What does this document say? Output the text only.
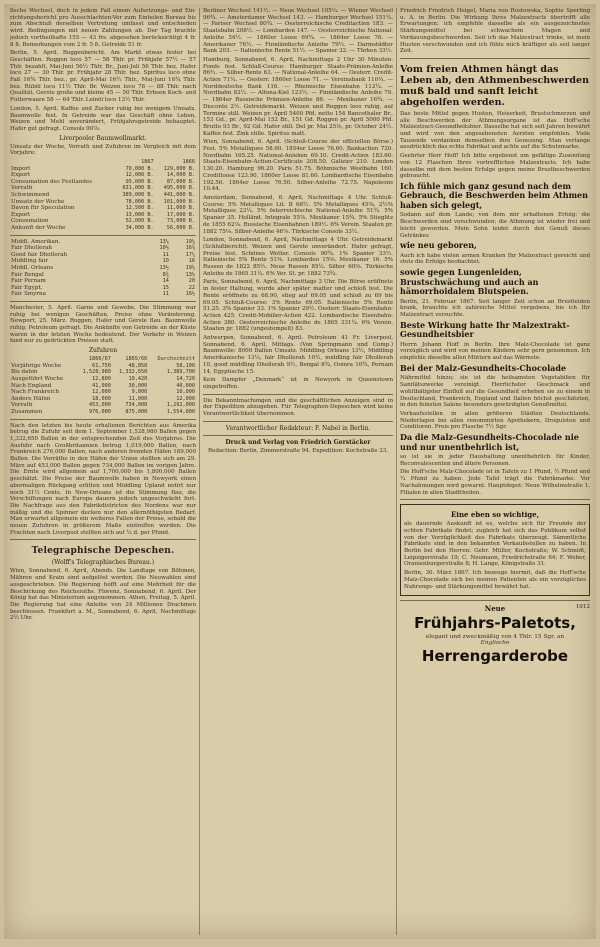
fische Wechsel, doch in jedem Fall einem Aufsetzungs- und Ein- richtungsbericht pro Ausschlachten-Ver zum Einholen Bureau bis zum Abschluß derselben Vertretung umfasst und entschieden wird. Bedingungen mit neuen Zahlungen ab. Der Tag brachte jedoch vortheilhafte 155 — 43 frs. abgesehen berücksichtigt 4 fr. 8 ß. Bemerkungen vom 2 fr. 5 ß. Getreide 51 fr.

Berlin, 5. April. Roggenbericht. Am Markt etwas fester bei Geschäften. Roggen loco 57 — 58 Thlr. pr. Frühjahr 57½ — 57 Thlr. bezahlt, Mai-Juni 56½ Thlr. Br., Juni-Juli 56 Thlr. bez. Hafer loco 27 — 30 Thlr. pr. Frühjahr 28 Thlr. bez. Spiritus loco ohne Faß 16¾ Thlr. bez., pr. April-Mai 16½ Thlr., Mai-Juni 16¾ Thlr. bez. Rüböl loco 11½ Thlr. Br. Weizen loco 78 — 88 Thlr. nach Qualität. Gerste große und kleine 45 — 50 Thlr. Erbsen Koch- und Futterwaare 58 — 64 Thlr. Leinöl loco 13½ Thlr.

London, 5. April. Kaffee und Zucker ruhig bei wenigem Umsatz. Baumwolle fest. In Getreide war das Geschäft ohne Leben, Weizen und Mehl unverändert, Frühjahrsgetreide behauptet. Hafer gut gefragt. Consols 90⅞.

Liverpooler Baumwollmarkt.

Umsatz der Woche, Vorrath und Zufuhren im Vergleich mit dem Vorjahre:

	1867	1866
Import	70,000 B.	129,000 B.
Export	12,000 B.	14,000 B.
Consumation des Festlandes	93,000 B.	87,000 B.
Vorrath	631,000 B.	495,000 B.
Schwimmend	389,000 B.	441,000 B.
Umsatz der Woche	78,000 B.	101,000 B.
Davon für Speculation	12,500 B.	11,060 B.
Export	13,000 B.	17,000 B.
Consumation	52,000 B.	73,000 B.
Ankunft der Woche	34,000 B.	56,000 B.
Middl. Amerikan.	13¼	19¼
Fair Dhollerah	10½	16¾
Good fair Dhollerah	11	17¼
Middling fair	10	16
Middl. Orleans	13½	19½
Fair Bengal	8¾	13½
Fair Pernam	14	20
Fair Egypt.	15	22
Fair Smyrna	11	16½

Manchester, 5. April. Garne und Gewebe. Die Stimmung war ruhig bei wenigen Geschäften, Preise ohne Veränderung. Newport, 25. März. Roggen, Hafer und Gerste flau. Baumwolle ruhig. Petroleum gefragt. Die Ankünfte von Getreide an der Küste waren in der letzten Woche bedeutend. Der Verkehr in Weizen fand nur zu gedrückten Preisen statt.

Zufuhren
	1866/67	1865/66	Durchschnitt
Vorjährige Woche	61,750	48,850	58,100
Bis dahin	1,528,980	1,332,650	1,389,700
Ausgeführt Woche	12,800	19,420	14,720
Nach England	41,000	30,000	40,000
Nach Frankreich	12,000	9,000	10,000
Andere Häfen	18,000	11,000	12,000
Vorrath	453,000	734,000	1,292,000
Zusammen	976,000	875,000	1,554,000

Nach den letzten bis heute erhaltenen Berichten aus Amerika betrug die Zufuhr seit dem 1. September 1,528,980 Ballen gegen 1,332,650 Ballen in der entsprechenden Zeit des Vorjahres. Die Ausfuhr nach Großbritannien betrug 1,019,000 Ballen, nach Frankreich 276,000 Ballen, nach anderen fremden Häfen 189,000 Ballen. Die Vorräthe in den Häfen der Union stellten sich am 29. März auf 453,000 Ballen gegen 734,000 Ballen im vorigen Jahre. Die Ernte wird allgemein auf 1,700,000 bis 1,800,000 Ballen geschätzt. Die Preise der Baumwolle haben in Newyork einen abermaligen Rückgang erlitten und Middling Upland notirt nur noch 31½ Cents. In New-Orleans ist die Stimmung flau, die Verschiffungen nach Europa dauern jedoch ungeschwächt fort. Die Nachfrage aus den Fabrikdistricten des Nordens war nur mäßig und die Spinner decken nur den allernöthigsten Bedarf. Man erwartet allgemein ein weiteres Fallen der Preise, sobald die neuen Zufuhren in größerem Maße eintreffen werden. Die Frachten nach Liverpool stellten sich auf ¼ d. per Pfund.

Telegraphische Depeschen.
(Wolff's Telegraphisches Bureau.)

Wien, Sonnabend, 6. April, Abends. Die Landtage von Böhmen, Mähren und Krain sind aufgelöst worden. Die Neuwahlen sind ausgeschrieben. Die Regierung hofft auf eine Mehrheit für die Beschickung des Reichsraths. Florenz, Sonnabend, 6. April. Der König hat das Ministerium angenommen. Athen, Freitag, 5. April. Die Regierung hat eine Anleihe von 24 Millionen Drachmen beschlossen. Frankfurt a. M., Sonnabend, 6. April, Nachmittags 2½ Uhr.

Berliner Wechsel 141½. — Neue Wechsel 105¼. — Wiener Wechsel 96¾. — Amsterdamer Wechsel 143. — Hamburger Wechsel 151¼. — Pariser Wechsel 80¾. — Oesterreichische Creditactien 183. — Staatsbahn 208½. — Lombarden 147. — Oesterreichische National-Anleihe 54½. — 1860er Loose 69¾. — 1864er Loose 76. — Amerikaner 76½. — Finnländische Anleihe 79½. — Darmstädter Bank 203. — Italienische Rente 51½. — Spanier 32. — Türken 33½.

Hamburg, Sonnabend, 6. April, Nachmittags 2 Uhr 30 Minuten. Fonds fest. Schluß-Course: Hamburger Staats-Prämien-Anleihe 86½. — Silber-Rente 63. — National-Anleihe 64. — Oesterr. Credit-Actien 71¼. — Oesterr. 1860er Loose 71. — Vereinsbank 110¼. — Norddeutsche Bank 116. — Rheinische Eisenbahn 112¼. — Nordbahn 82½. — Altona-Kiel 123½. — Finnländische Anleihe 79. — 1864er Russische Prämien-Anleihe 86. — Mexikaner 16¾. — Disconto 2½. Getreidemarkt. Weizen und Roggen loco ruhig, auf Termine still. Weizen pr. April 5400 Pfd. netto 154 Bancothaler Br., 153 Gd., pr. April-Mai 152 Br., 151 Gd. Roggen pr. April 5000 Pfd. Brutto 93 Br., 92 Gd. Hafer still. Del pr. Mai 25⅛, pr. October 24½. Kaffee fest. Zink stille. Spiritus matt.

Wien, Sonnabend, 6. April. (Schluß-Course der officiellen Börse.) Fest. 5% Metalliques 58.60. 1854er Loose 76.60. Bankactien 720. Nordbahn 165.25. National-Anlehen 69.10. Credit-Actien 183.60. Staats-Eisenbahn-Actien-Certificate 208.50. Galizier 210. London 130.20. Hamburg 96.20. Paris 51.75. Böhmische Westbahn 160. Creditloose 123.90. 1860er Loose 81.60. Lombardische Eisenbahn 192.50. 1864er Loose 76.50. Silber-Anleihe 72.75. Napoleons 10.44.

Amsterdam, Sonnabend, 6. April, Nachmittags 4 Uhr. Schluß-Course: 5% Metalliques Lit. B 68½. 5% Metalliques 45⅝. 2½% Metalliques 23¼. 5% österreichische National-Anleihe 51¾. 5% Spanier 35. Holländ. Integrale 55⅞. Mexikaner 15¾. 5% Stieglitz de 1855 62⅞. Russische Eisenbahnen 189½. 6% Verein. Staaten pr. 1882 75⅛. Silber-Anleihe 46⅞. Türkische Consols 33½.

London, Sonnabend, 6. April, Nachmittags 4 Uhr. Getreidemarkt (Schlußbericht). Weizen und Gerste unverändert. Hafer gefragt, Preise fest. Schönes Wetter. Consols 90¾. 1% Spanier 33½. Italienische 5% Rente 51⅝. Lombarden 15⅝. Mexikaner 16. 5% Russen de 1822 85½. Neue Russen 85¼. Silber 60⅝. Türkische Anleihe de 1865 31¼. 6% Ver. St. pr. 1882 73¾.

Paris, Sonnabend, 6. April, Nachmittags 3 Uhr. Die Börse eröffnete in fester Haltung, wurde aber später matter und schloß fest. Die Rente eröffnete zu 68.90, stieg auf 69.05 und schloß zu 69 bis 69.05. Schluß-Course: 3% Rente 69.05. Italienische 5% Rente 51.25. 3% Spanier 33. 1% Spanier 29½. Oesterr. Staats-Eisenbahn-Actien 425. Credit-Mobilier-Actien 422. Lombardische Eisenbahn-Actien 380. Oesterreichische Anleihe de 1865 331¼. 6% Verein. Staaten pr. 1882 (ungestempelt) 83.

Antwerpen, Sonnabend, 6. April. Petroleum 41 Fr. Liverpool, Sonnabend, 6. April, Mittags. (Von Springmann und Comp.) Baumwolle: 8000 Ballen Umsatz. Middling Orleans 13½, Middling Amerikanische 13¼, fair Dhollerah 10½, middling fair Dhollerah 10, good middling Dhollerah 9½, Bengal 8¾, Oomra 10¾, Pernam 14, Egyptische 15.

Kein Dampfer „Denmark“ ist in Newyork in Queenstown eingetroffen.

Die Bekanntmachungen und die geschäftlichen Anzeigen sind in der Expedition abzugeben. Für Telegraphen-Depeschen wird keine Verantwortlichkeit übernommen.

Verantwortlicher Redakteur: F. Nabel in Berlin.
Druck und Verlag von Friedrich Gerstäcker

Redaction: Berlin, Zimmerstraße 94. Expedition: Kochstraße 23.

Friedrich Friedrich Heigel, Maria von Rostowska, Sophie Sperling u. A. in Berlin. Die Wirkung Ihres Malzextracts übertrifft alle Erwartungen; ich empfehle dasselbe als ein ausgezeichnetes Stärkungsmittel bei schwachem Magen und Verdauungsbeschwerden. Seit ich das Malzextract trinke, ist mein Husten verschwunden und ich fühle mich kräftiger als seit langer Zeit.

Vom freien Athmen hängt das Leben ab, den Athmenbeschwerden muß bald und sanft leicht abgeholfen werden.

Das beste Mittel gegen Husten, Heiserkeit, Brustschmerzen und alle Beschwerden der Athmungsorgane ist das Hoff'sche Malzextract-Gesundheitsbier. Dasselbe hat sich seit Jahren bewährt und wird von den angesehensten Aerzten empfohlen. Viele Tausende verdanken demselben ihre Genesung. Man verlange ausdrücklich das echte Fabrikat und achte auf die Schutzmarke.

Geehrter Herr Hoff! Ich bitte ergebenst um gefällige Zusendung von 12 Flaschen Ihres vortrefflichen Malzextracts. Ich habe dasselbe mit dem besten Erfolge gegen meine Brustbeschwerden gebraucht.

Ich fühle mich ganz gesund nach dem Gebrauch, die Beschwerden beim Athmen haben sich gelegt,

Sodann auf dem Lande; von dem mir erhaltenen Erfolg: die Beschwerden sind verschwunden; die Athmung ist wieder frei und leicht geworden. Mein Sohn leidet durch den Genuß dieses Getränkes

wie neu geboren,

Auch ich habe vielen armen Kranken Ihr Malzextract gereicht und stets die Erfolge beobachtet.

sowie gegen Lungenleiden, Brustschwächung und auch an hämorrhoidalem Blutspeien.

Berlin, 21. Februar 1867. Seit langer Zeit schon an Brustleiden krank, brauchte ich zahlreiche Mittel vergebens, bis ich Ihr Malzextract versuchte.

Beste Wirkung hatte Ihr Malzextrakt-Gesundheitsbier

Herrn Johann Hoff in Berlin. Ihre Malz-Chocolade ist ganz vorzüglich und wird von meinen Kindern sehr gern genommen. Ich empfehle dieselbe allen Müttern auf das Wärmste.

Bei der Malz-Gesundheits-Chocolade

Nährmittel hinzu; sie ist die heilsamsten Vegetabilien für Sanitätszwecke vereinigt. Herrlichster Geschmack und wohlthätigster Einfluß auf die Gesundheit erheben sie zu einem in Deutschland, Frankreich, England und Italien höchst geschätzten, in den feinsten Salons besonders gewürdigten Genußmittel.

Verkaufsstellen in allen größeren Städten Deutschlands. Niederlagen bei allen renommirten Apothekern, Droguisten und Conditoren. Preis pro Flasche 7½ Sgr.

Da die Malz-Gesundheits-Chocolade nie und nur unentbehrlich ist,

so ist sie in jeder Haushaltung unentbehrlich für Kinder, Reconvalescenten und ältere Personen.

Die Hoff'sche Malz-Chocolade ist in Tafeln zu 1 Pfund, ½ Pfund und ¼ Pfund zu haben. Jede Tafel trägt die Fabrikmarke. Vor Nachahmungen wird gewarnt. Hauptdepot: Neue Wilhelmstraße 1. Filialen in allen Stadttheilen.

Eine eben so wichtige,

als dauernde Auskunft ist es, welche sich für Freunde der echten Fabrikate findet; zugleich hat sich das Publikum selbst von der Vorzüglichkeit des Fabrikats überzeugt. Sämmtliche Fabrikate sind in den bekannten Verkaufsstellen zu haben. In Berlin bei den Herren: Gebr. Müller, Kochstraße; W. Schmidt, Leipzigerstraße 19; C. Neumann, Friedrichstraße 64; F. Weber, Oranienburgerstraße 8; H. Lange, Königstraße 31.

Berlin, 30. März 1867. Ich bezeuge hiermit, daß die Hoff'sche Malz-Chocolade sich bei meinen Patienten als ein vorzügliches Nahrungs- und Stärkungsmittel bewährt hat.

Neue	1012
Frühjahrs-Paletots,

elegant und zweckmäßig von 4 Thlr. 15 Sgr. an

Englische

Herrengarderobe
